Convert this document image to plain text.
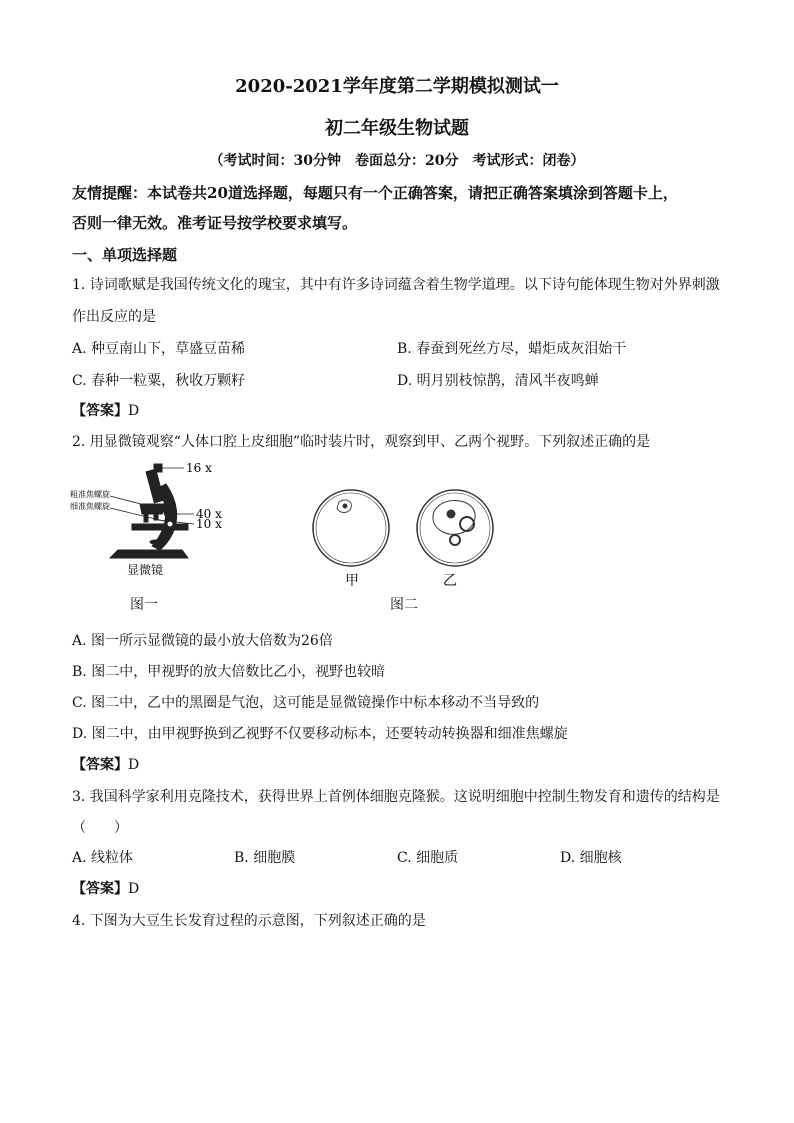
2020-2021学年度第二学期模拟测试一
初二年级生物试题
（考试时间：30分钟　卷面总分：20分　考试形式：闭卷）
友情提醒：本试卷共20道选择题，每题只有一个正确答案，请把正确答案填涂到答题卡上，
否则一律无效。准考证号按学校要求填写。
一、单项选择题
1. 诗词歌赋是我国传统文化的瑰宝，其中有许多诗词蕴含着生物学道理。以下诗句能体现生物对外界刺激
作出反应的是
A. 种豆南山下，草盛豆苗稀	B. 春蚕到死丝方尽，蜡炬成灰泪始干
C. 春种一粒粟，秋收万颗籽	D. 明月别枝惊鹊，清风半夜鸣蝉
【答案】D
2. 用显微镜观察“人体口腔上皮细胞”临时装片时，观察到甲、乙两个视野。下列叙述正确的是
16 x
40 x
10 x
粗准焦螺旋
细准焦螺旋
显微镜
图一
甲	乙
图二
A. 图一所示显微镜的最小放大倍数为26倍
B. 图二中，甲视野的放大倍数比乙小，视野也较暗
C. 图二中，乙中的黑圈是气泡，这可能是显微镜操作中标本移动不当导致的
D. 图二中，由甲视野换到乙视野不仅要移动标本，还要转动转换器和细准焦螺旋
【答案】D
3. 我国科学家利用克隆技术，获得世界上首例体细胞克隆猴。这说明细胞中控制生物发育和遗传的结构是
（　　）
A. 线粒体	B. 细胞膜	C. 细胞质	D. 细胞核
【答案】D
4. 下图为大豆生长发育过程的示意图，下列叙述正确的是
